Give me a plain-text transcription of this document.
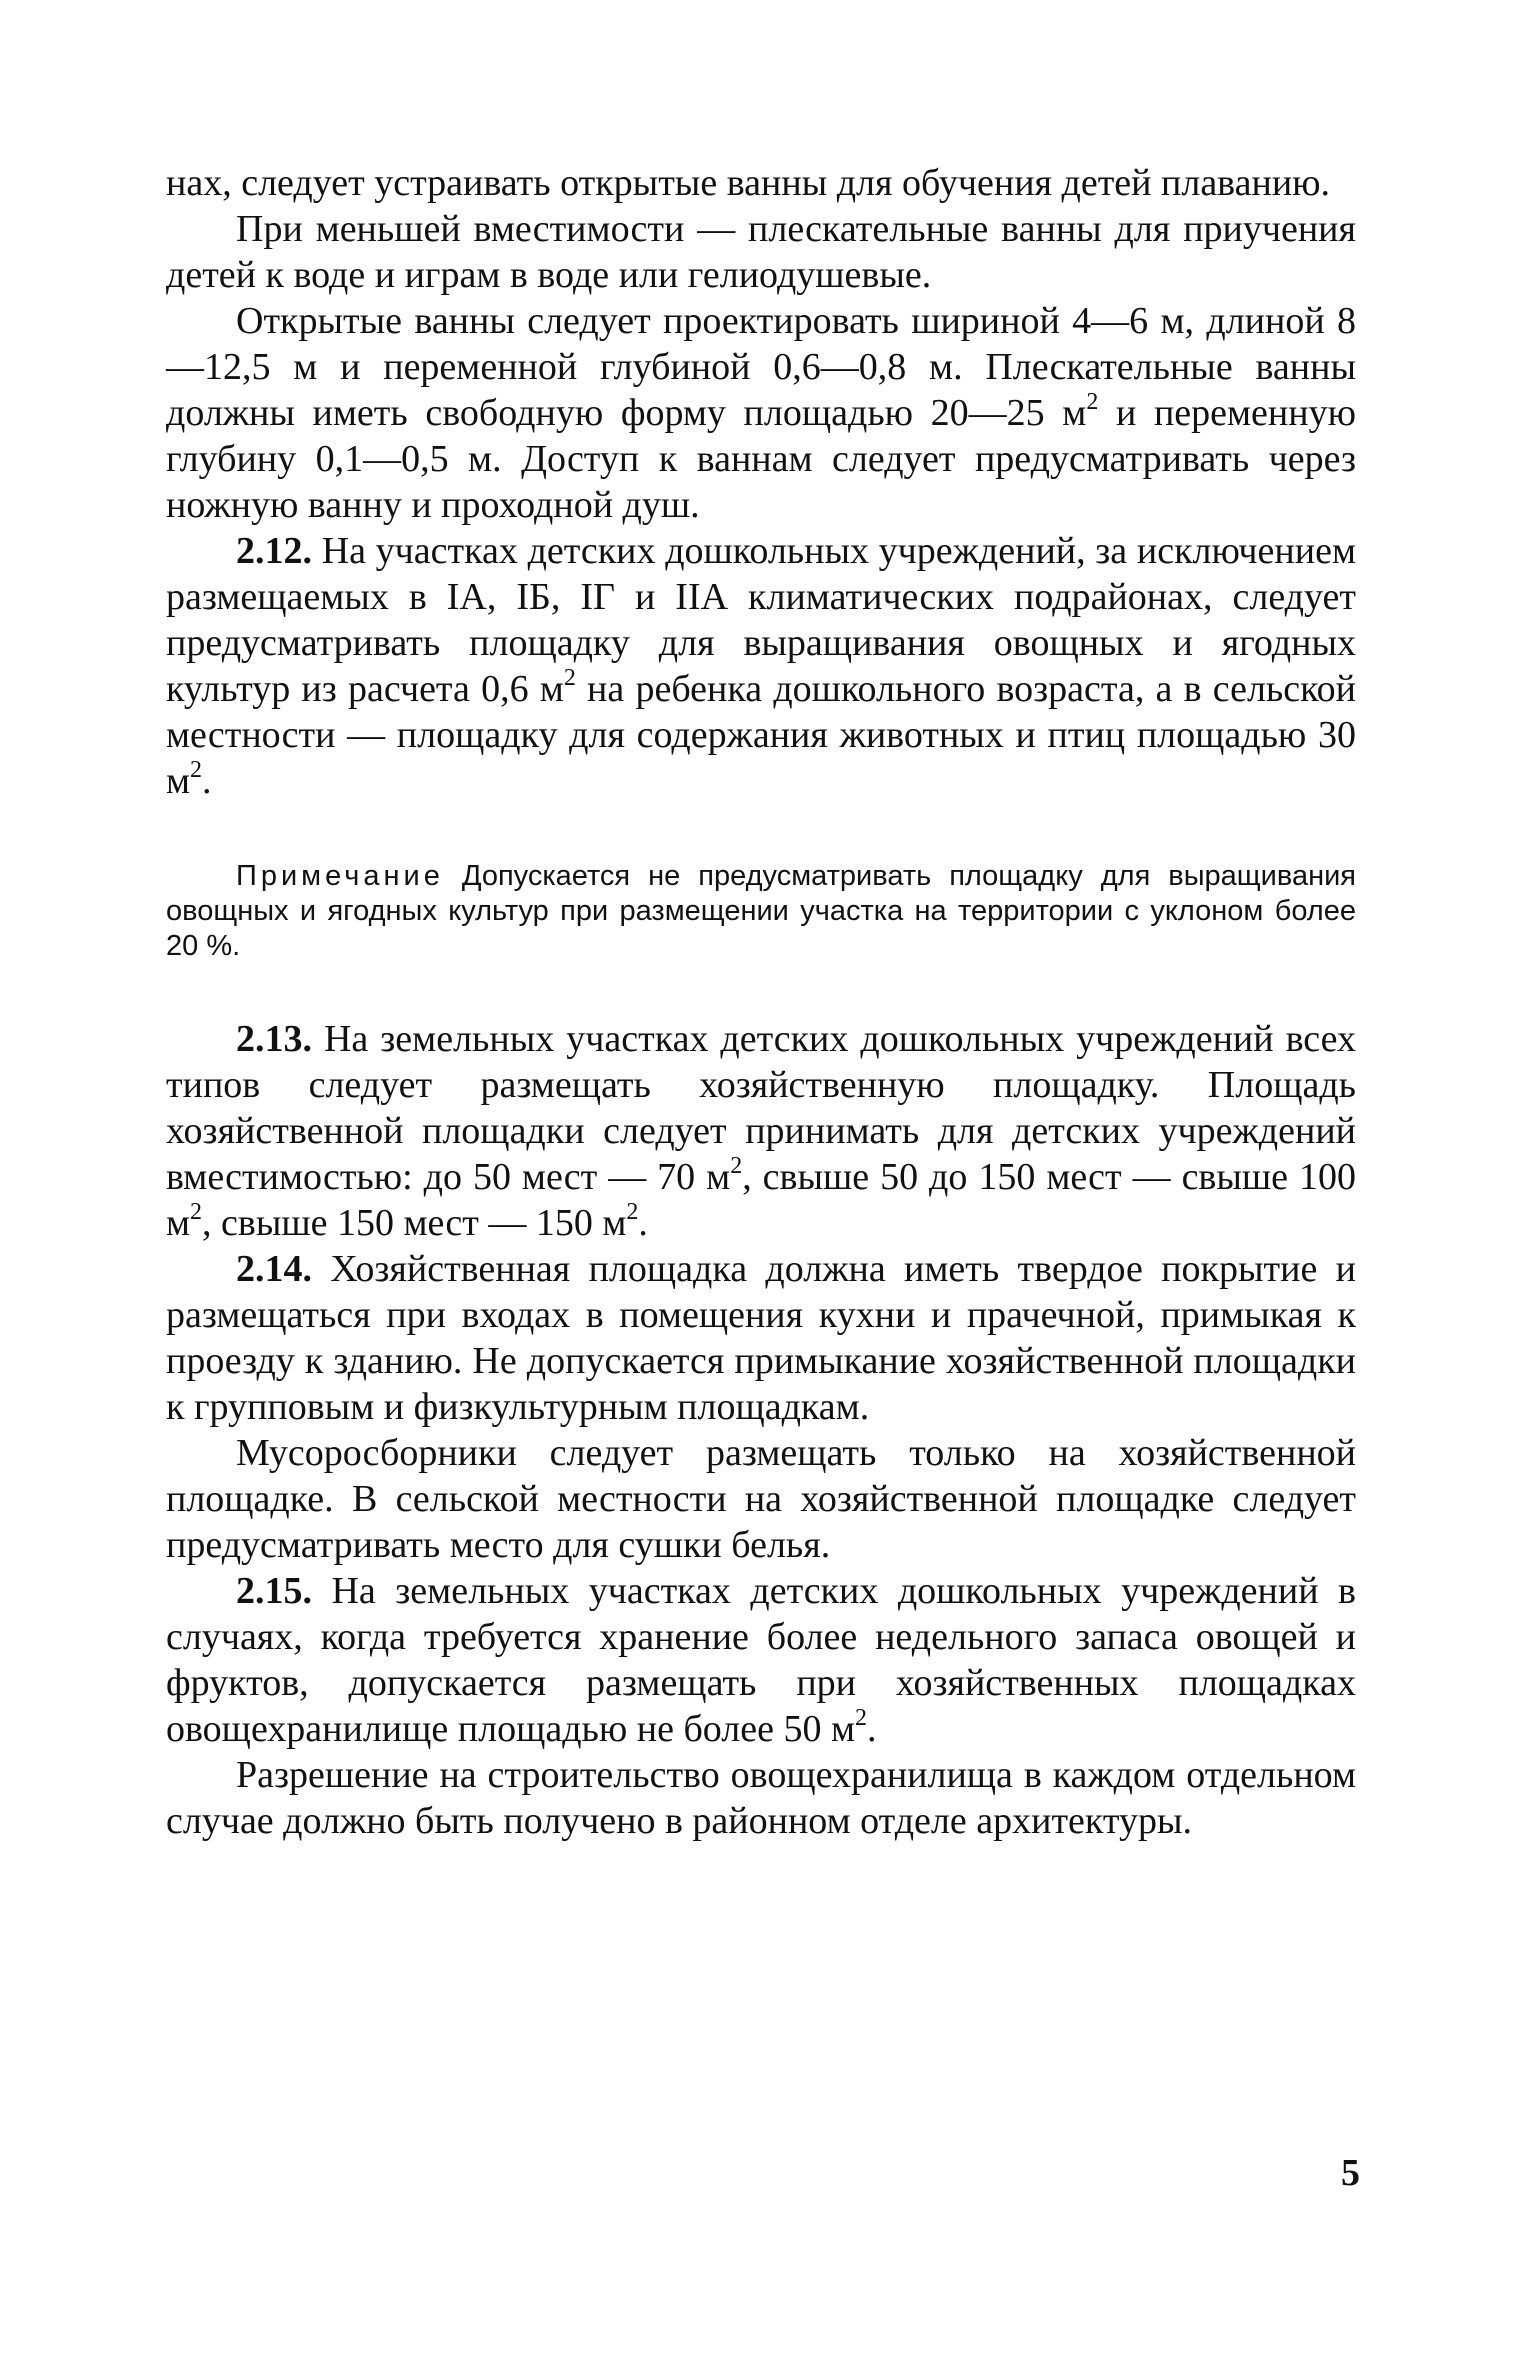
нах, следует устраивать открытые ванны для обучения детей плаванию.

При меньшей вместимости — плескательные ванны для приучения детей к воде и играм в воде или гелиодушевые.

Открытые ванны следует проектировать шириной 4—6 м, длиной 8—12,5 м и переменной глубиной 0,6—0,8 м. Плескательные ванны должны иметь свободную форму площадью 20—25 $м^2$ и переменную глубину 0,1—0,5 м. Доступ к ваннам следует предусматривать через ножную ванну и проходной душ.

2.12. На участках детских дошкольных учреждений, за исключением размещаемых в IА, IБ, IГ и IIА климатических подрайонах, следует предусматривать площадку для выращивания овощных и ягодных культур из расчета 0,6 $м^2$ на ребенка дошкольного возраста, а в сельской местности — площадку для содержания животных и птиц площадью 30 $м^2$.

Примечание Допускается не предусматривать площадку для выращивания овощных и ягодных культур при размещении участка на территории с уклоном более 20 %.

2.13. На земельных участках детских дошкольных учреждений всех типов следует размещать хозяйственную площадку. Площадь хозяйственной площадки следует принимать для детских учреждений вместимостью: до 50 мест — 70 $м^2$, свыше 50 до 150 мест — свыше 100 $м^2$, свыше 150 мест — 150 $м^2$.

2.14. Хозяйственная площадка должна иметь твердое покрытие и размещаться при входах в помещения кухни и прачечной, примыкая к проезду к зданию. Не допускается примыкание хозяйственной площадки к групповым и физкультурным площадкам.

Мусоросборники следует размещать только на хозяйственной площадке. В сельской местности на хозяйственной площадке следует предусматривать место для сушки белья.

2.15. На земельных участках детских дошкольных учреждений в случаях, когда требуется хранение более недельного запаса овощей и фруктов, допускается размещать при хозяйственных площадках овощехранилище площадью не более 50 $м^2$.

Разрешение на строительство овощехранилища в каждом отдельном случае должно быть получено в районном отделе архитектуры.

5
